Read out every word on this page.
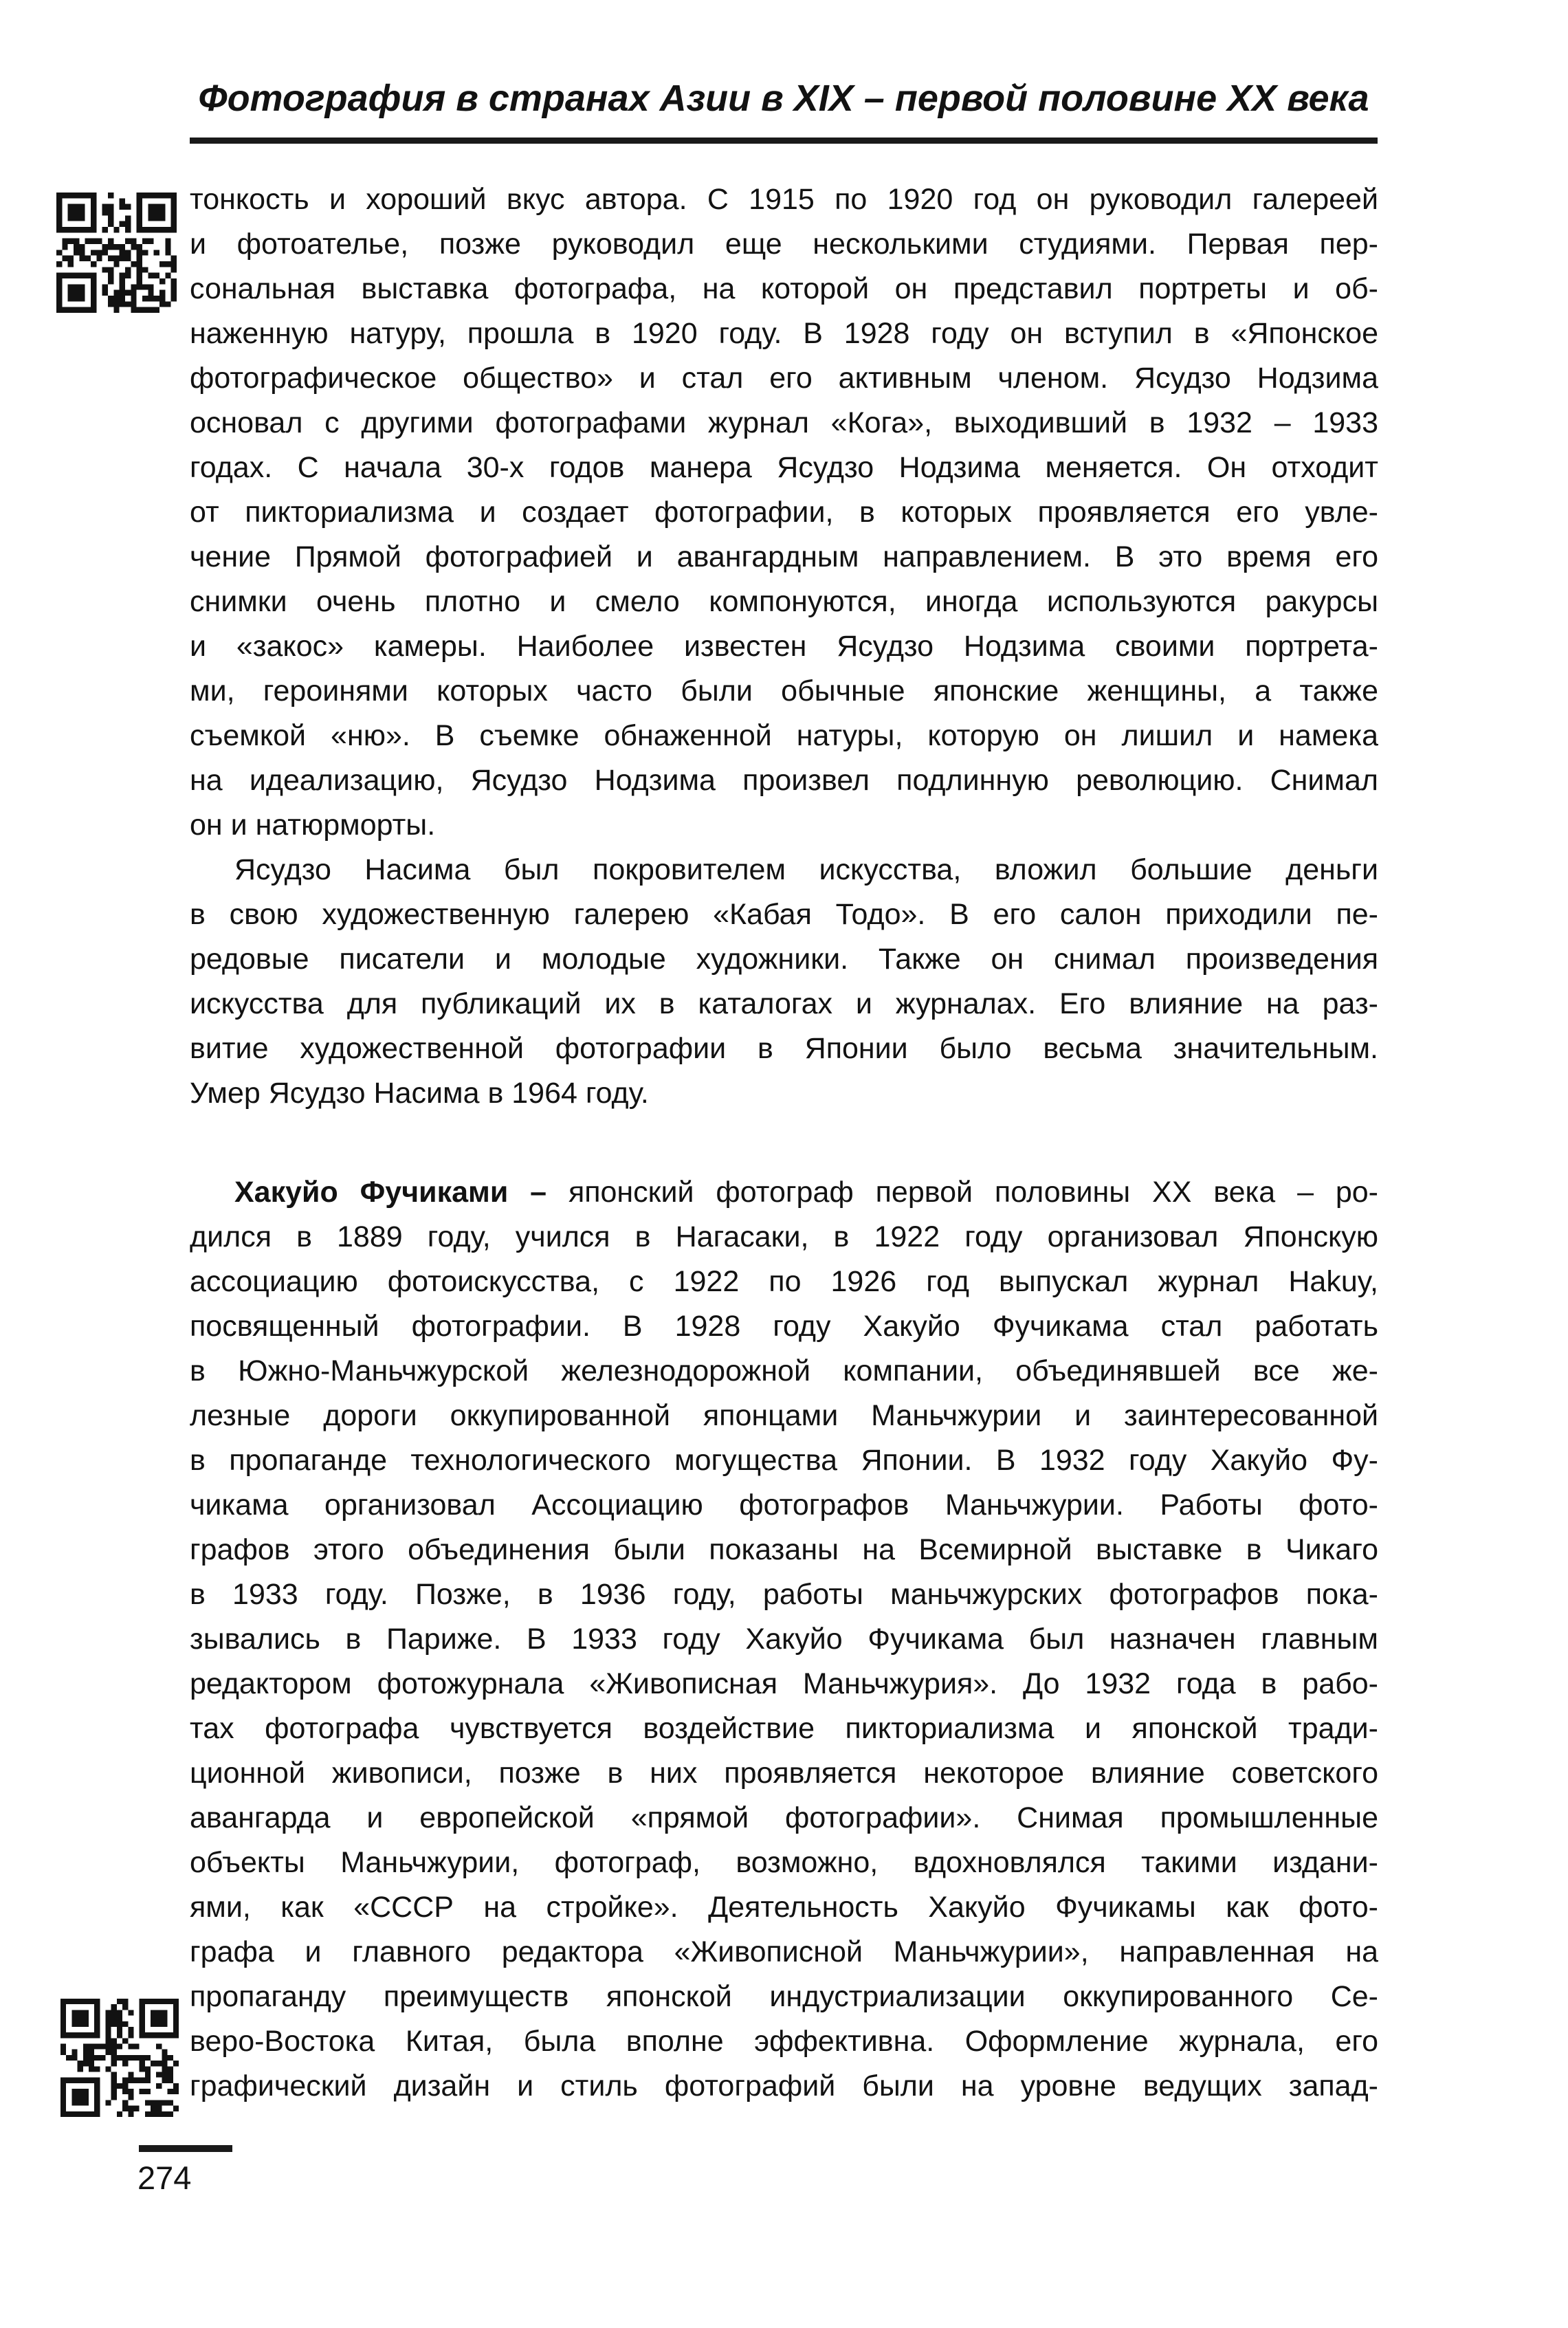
Фотография в странах Азии в XIX – первой половине XX века
тонкость и хороший вкус автора. С 1915 по 1920 год он руководил галереей
и фотоателье, позже руководил еще несколькими студиями. Первая пер-
сональная выставка фотографа, на которой он представил портреты и об-
наженную натуру, прошла в 1920 году. В 1928 году он вступил в «Японское
фотографическое общество» и стал его активным членом. Ясудзо Нодзима
основал с другими фотографами журнал «Кога», выходивший в 1932 – 1933
годах. С начала 30-х годов манера Ясудзо Нодзима меняется. Он отходит
от пикториализма и создает фотографии, в которых проявляется его увле-
чение Прямой фотографией и авангардным направлением. В это время его
снимки очень плотно и смело компонуются, иногда используются ракурсы
и «закос» камеры. Наиболее известен Ясудзо Нодзима своими портрета-
ми, героинями которых часто были обычные японские женщины, а также
съемкой «ню». В съемке обнаженной натуры, которую он лишил и намека
на идеализацию, Ясудзо Нодзима произвел подлинную революцию. Снимал
он и натюрморты.
Ясудзо Насима был покровителем искусства, вложил большие деньги
в свою художественную галерею «Кабая Тодо». В его салон приходили пе-
редовые писатели и молодые художники. Также он снимал произведения
искусства для публикаций их в каталогах и журналах. Его влияние на раз-
витие художественной фотографии в Японии было весьма значительным.
Умер Ясудзо Насима в 1964 году.
Хакуйо Фучиками – японский фотограф первой половины XX века – ро-
дился в 1889 году, учился в Нагасаки, в 1922 году организовал Японскую
ассоциацию фотоискусства, с 1922 по 1926 год выпускал журнал Hakuy,
посвященный фотографии. В 1928 году Хакуйо Фучикама стал работать
в Южно-Маньчжурской железнодорожной компании, объединявшей все же-
лезные дороги оккупированной японцами Маньчжурии и заинтересованной
в пропаганде технологического могущества Японии. В 1932 году Хакуйо Фу-
чикама организовал Ассоциацию фотографов Маньчжурии. Работы фото-
графов этого объединения были показаны на Всемирной выставке в Чикаго
в 1933 году. Позже, в 1936 году, работы маньчжурских фотографов пока-
зывались в Париже. В 1933 году Хакуйо Фучикама был назначен главным
редактором фотожурнала «Живописная Маньчжурия». До 1932 года в рабо-
тах фотографа чувствуется воздействие пикториализма и японской тради-
ционной живописи, позже в них проявляется некоторое влияние советского
авангарда и европейской «прямой фотографии». Снимая промышленные
объекты Маньчжурии, фотограф, возможно, вдохновлялся такими издани-
ями, как «СССР на стройке». Деятельность Хакуйо Фучикамы как фото-
графа и главного редактора «Живописной Маньчжурии», направленная на
пропаганду преимуществ японской индустриализации оккупированного Се-
веро-Востока Китая, была вполне эффективна. Оформление журнала, его
графический дизайн и стиль фотографий были на уровне ведущих запад-
274
